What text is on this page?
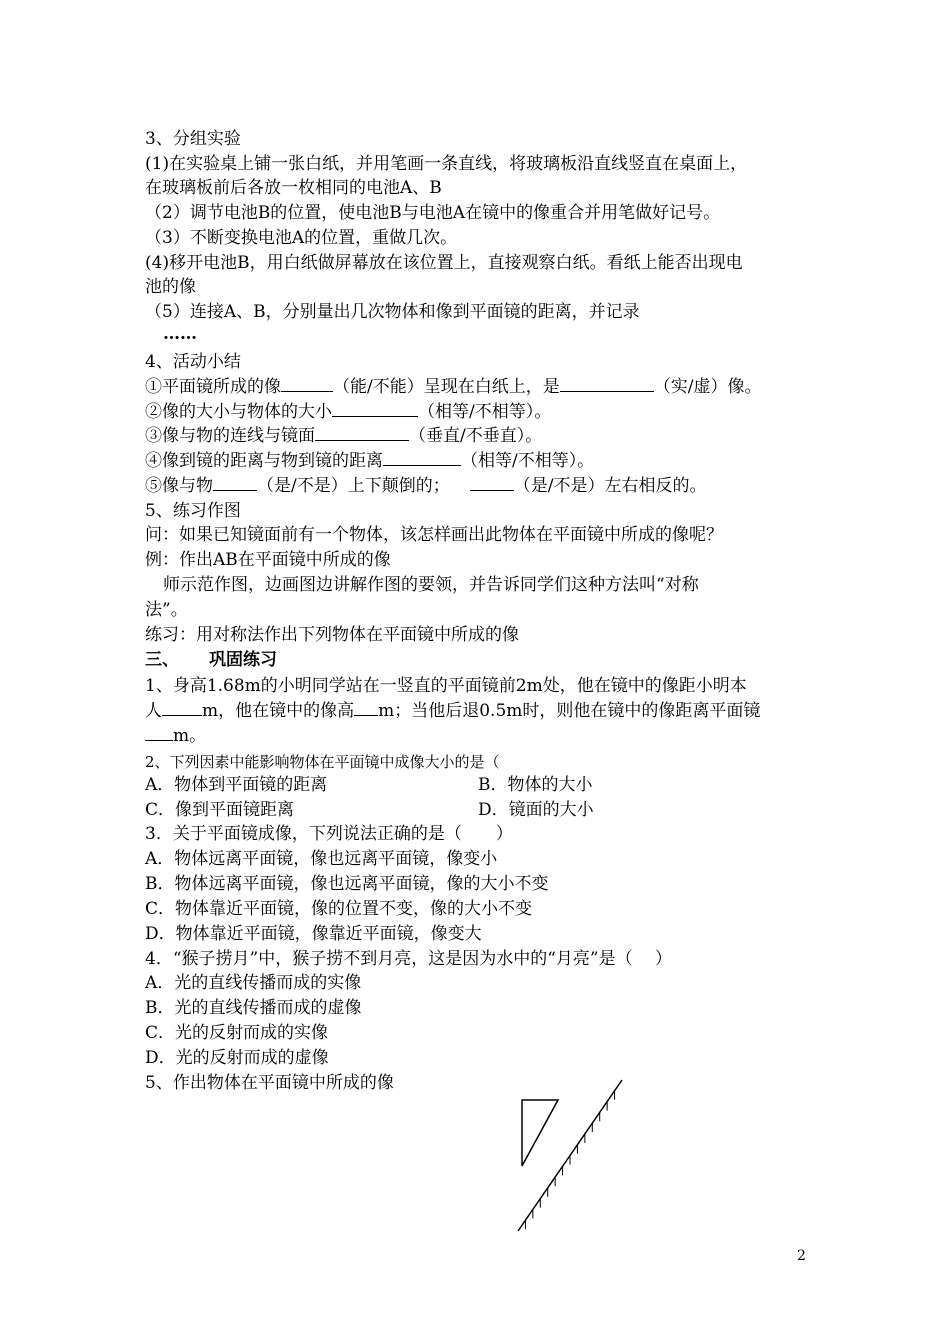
3、分组实验
(1)在实验桌上铺一张白纸，并用笔画一条直线，将玻璃板沿直线竖直在桌面上，
在玻璃板前后各放一枚相同的电池A、B
（2）调节电池B的位置，使电池B与电池A在镜中的像重合并用笔做好记号。
（3）不断变换电池A的位置，重做几次。
(4)移开电池B，用白纸做屏幕放在该位置上，直接观察白纸。看纸上能否出现电
池的像
（5）连接A、B，分别量出几次物体和像到平面镜的距离，并记录
……
4、活动小结
①平面镜所成的像	（能/不能）呈现在白纸上，是	（实/虚）像。
②像的大小与物体的大小	（相等/不相等）。
③像与物的连线与镜面	（垂直/不垂直）。
④像到镜的距离与物到镜的距离	（相等/不相等）。
⑤像与物	（是/不是）上下颠倒的；	（是/不是）左右相反的。
5、练习作图
问：如果已知镜面前有一个物体，该怎样画出此物体在平面镜中所成的像呢？
例：作出AB在平面镜中所成的像
师示范作图，边画图边讲解作图的要领，并告诉同学们这种方法叫“对称
法”。
练习：用对称法作出下列物体在平面镜中所成的像
三、 巩固练习
1、身高1.68m的小明同学站在一竖直的平面镜前2m处，他在镜中的像距小明本
人 m，他在镜中的像高 m；当他后退0.5m时，则他在镜中的像距离平面镜
m。
2、下列因素中能影响物体在平面镜中成像大小的是（
A．物体到平面镜的距离	B．物体的大小
C．像到平面镜距离	D．镜面的大小
3．关于平面镜成像，下列说法正确的是（　　）
A．物体远离平面镜，像也远离平面镜，像变小
B．物体远离平面镜，像也远离平面镜，像的大小不变
C．物体靠近平面镜，像的位置不变，像的大小不变
D．物体靠近平面镜，像靠近平面镜，像变大
4．“猴子捞月”中，猴子捞不到月亮，这是因为水中的“月亮”是（　 ）
A．光的直线传播而成的实像
B．光的直线传播而成的虚像
C．光的反射而成的实像
D．光的反射而成的虚像
5、作出物体在平面镜中所成的像
2
